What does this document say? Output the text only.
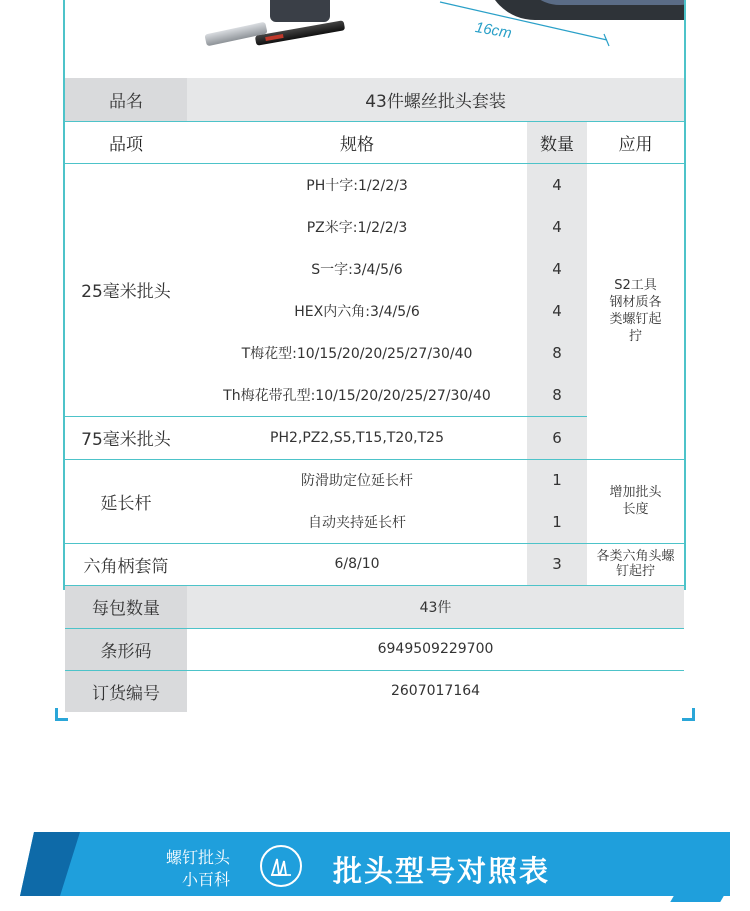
16cm
品名	43件螺丝批头套装		
品项	规格	数量	应用
25毫米批头	PH十字:1/2/2/3	4	S2工具钢材质各类螺钉起拧

	PZ米字:1/2/2/3	4	
	S一字:3/4/5/6	4	
	HEX内六角:3/4/5/6	4	
	T梅花型:10/15/20/20/25/27/30/40	8	
	Th梅花带孔型:10/15/20/20/25/27/30/40	8	
75毫米批头	PH2,PZ2,S5,T15,T20,T25	6	
延长杆	防滑助定位延长杆	1	增加批头长度

	自动夹持延长杆	1	
六角柄套筒	6/8/10	3	各类六角头螺钉起拧

每包数量	43件		
条形码	6949509229700		
订货编号	2607017164		
螺钉批头
小百科	批头型号对照表
